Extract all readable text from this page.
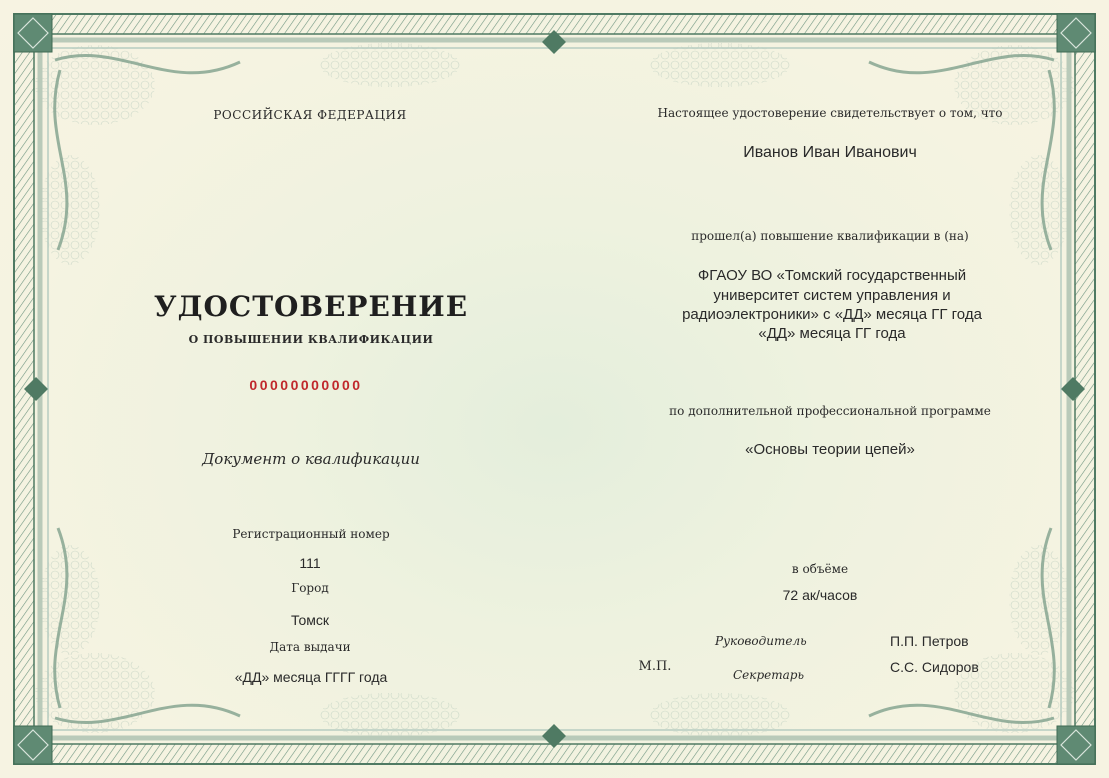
РОССИЙСКАЯ ФЕДЕРАЦИЯ
УДОСТОВЕРЕНИЕ
О ПОВЫШЕНИИ КВАЛИФИКАЦИИ
00000000000
Документ о квалификации
Регистрационный номер
111
Город
Томск
Дата выдачи
«ДД» месяца ГГГГ года
Настоящее удостоверение свидетельствует о том, что
Иванов Иван Иванович
прошел(а) повышение квалификации в (на)
ФГАОУ ВО «Томский государственный
университет систем управления и
радиоэлектроники» с «ДД» месяца ГГ года
«ДД» месяца ГГ года
по дополнительной профессиональной программе
«Основы теории цепей»
в объёме
72 ак/часов
М.П.
Руководитель	П.П. Петров
Секретарь	С.С. Сидоров
